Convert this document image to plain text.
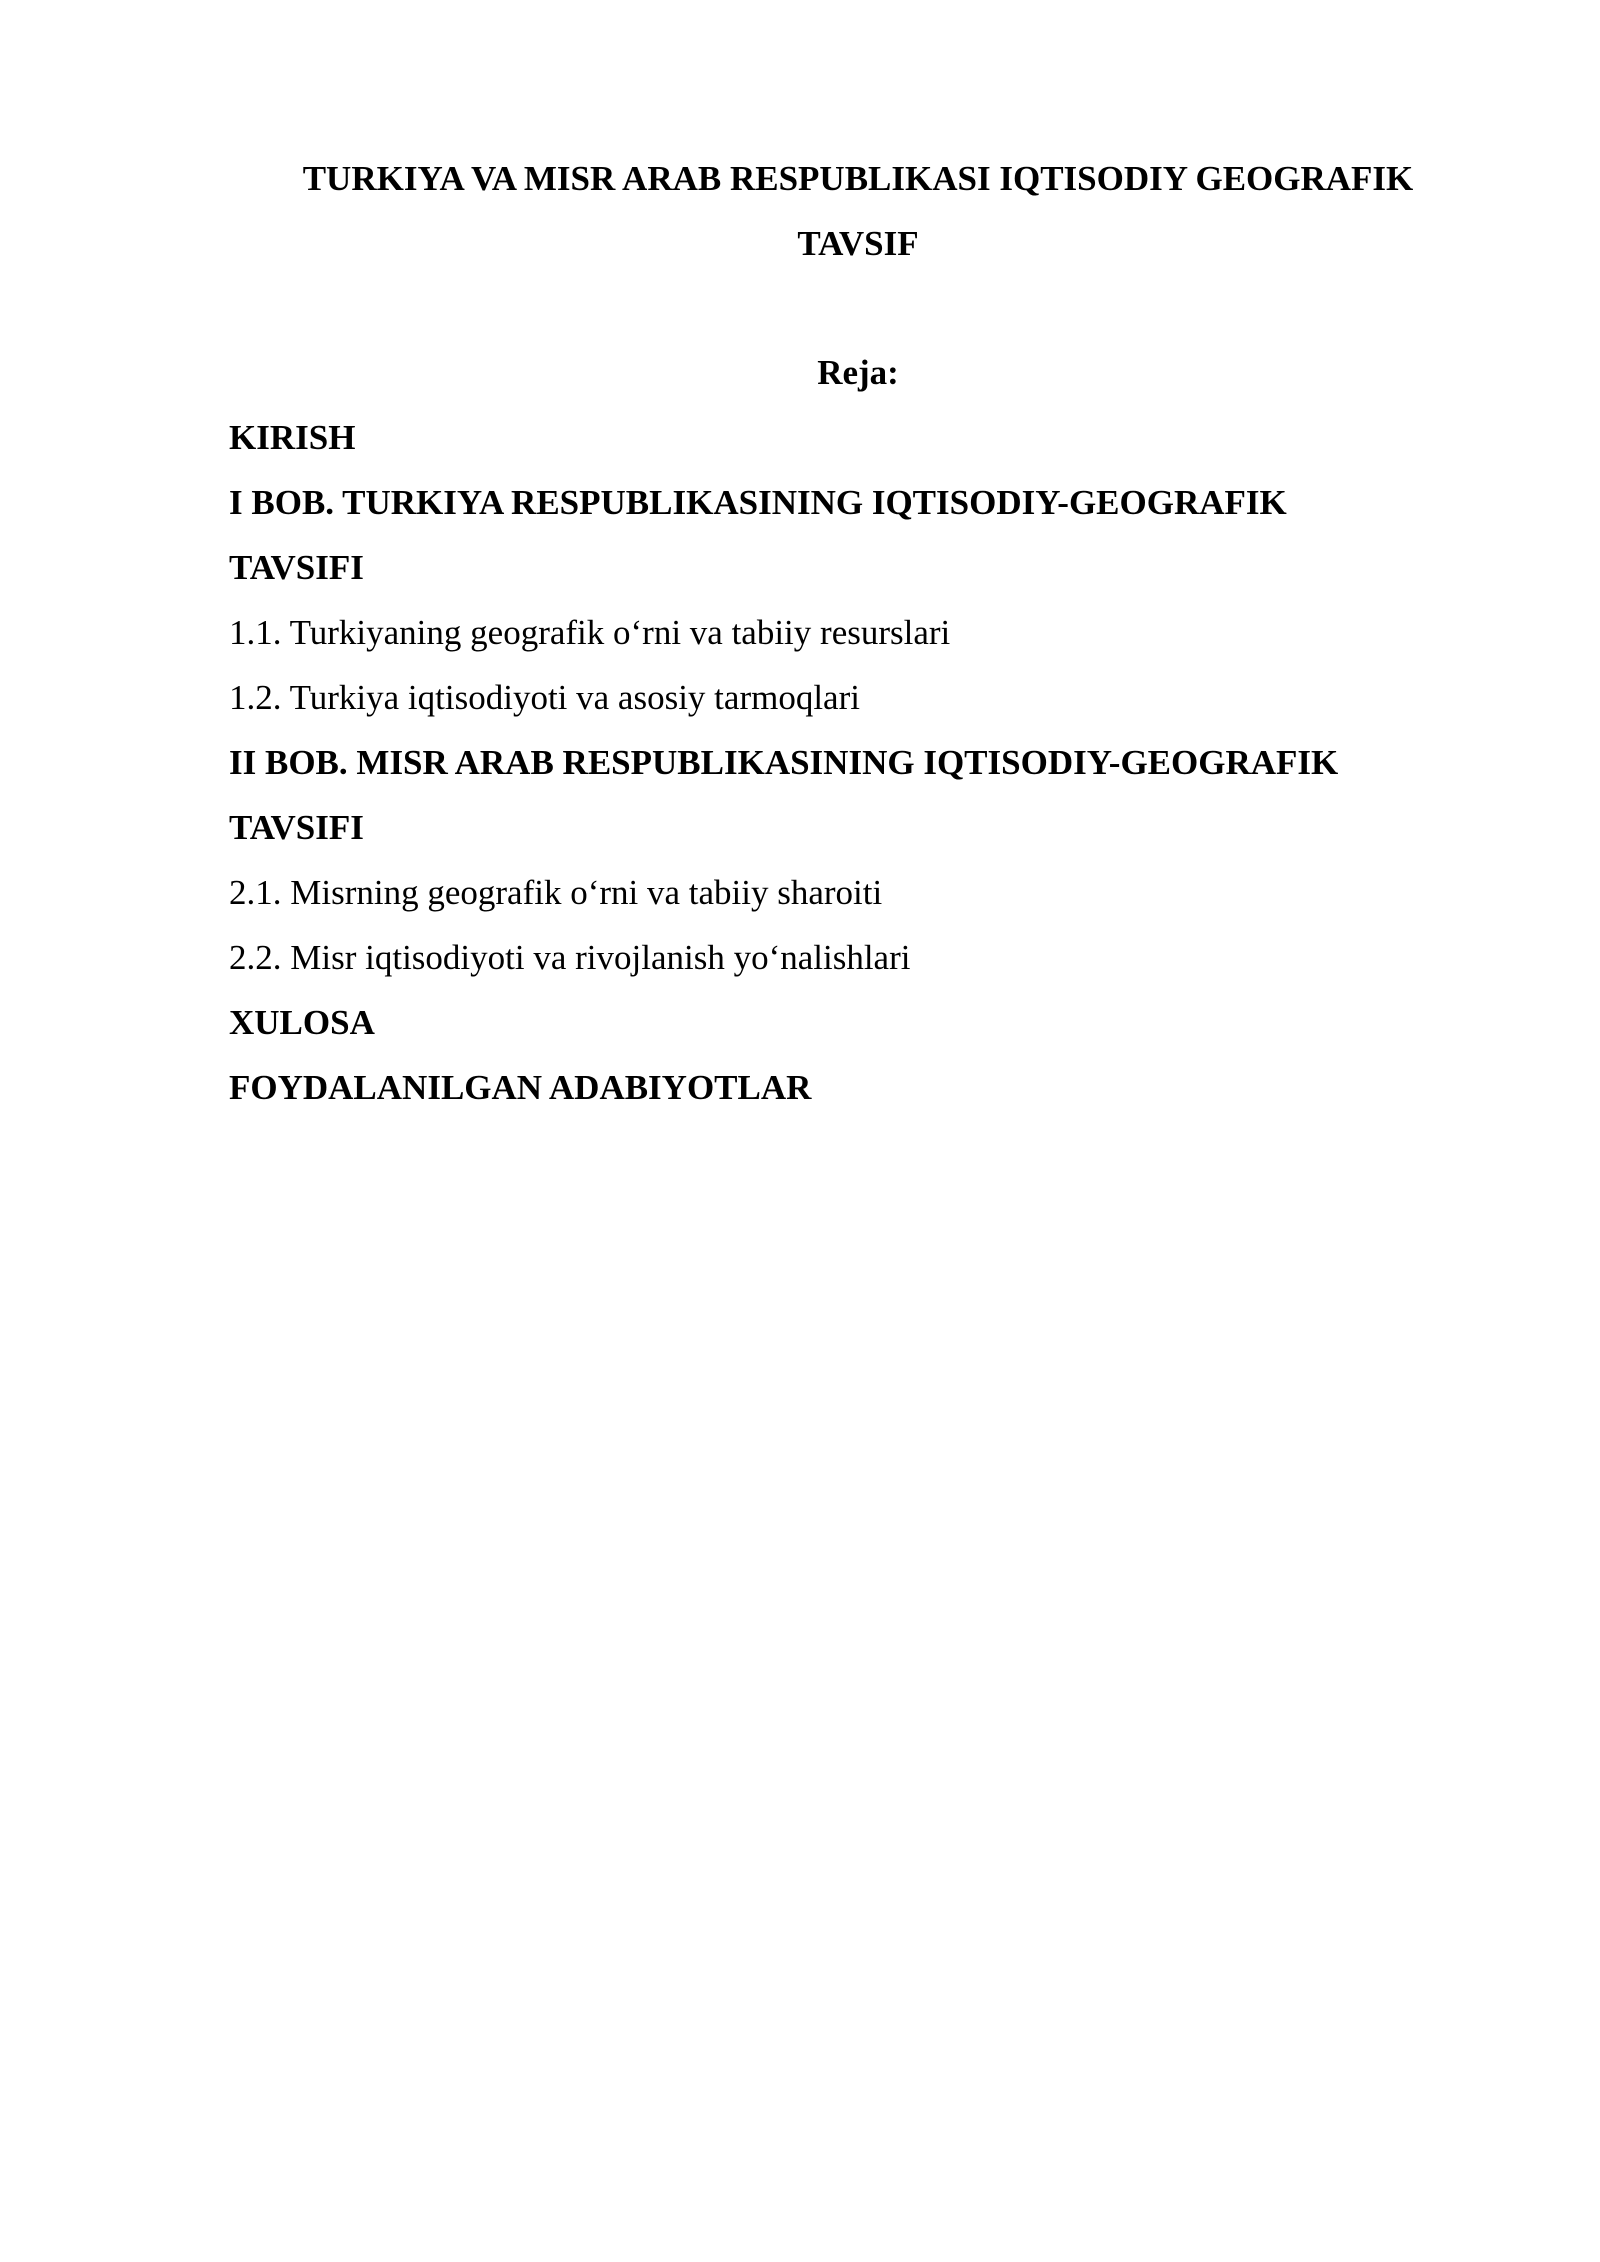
TURKIYA VA MISR ARAB RESPUBLIKASI IQTISODIY GEOGRAFIK
TAVSIF
Reja:
KIRISH
I BOB. TURKIYA RESPUBLIKASINING IQTISODIY-GEOGRAFIK
TAVSIFI
1.1. Turkiyaning geografik o‘rni va tabiiy resurslari
1.2. Turkiya iqtisodiyoti va asosiy tarmoqlari
II BOB. MISR ARAB RESPUBLIKASINING IQTISODIY-GEOGRAFIK
TAVSIFI
2.1. Misrning geografik o‘rni va tabiiy sharoiti
2.2. Misr iqtisodiyoti va rivojlanish yo‘nalishlari
XULOSA
FOYDALANILGAN ADABIYOTLAR
